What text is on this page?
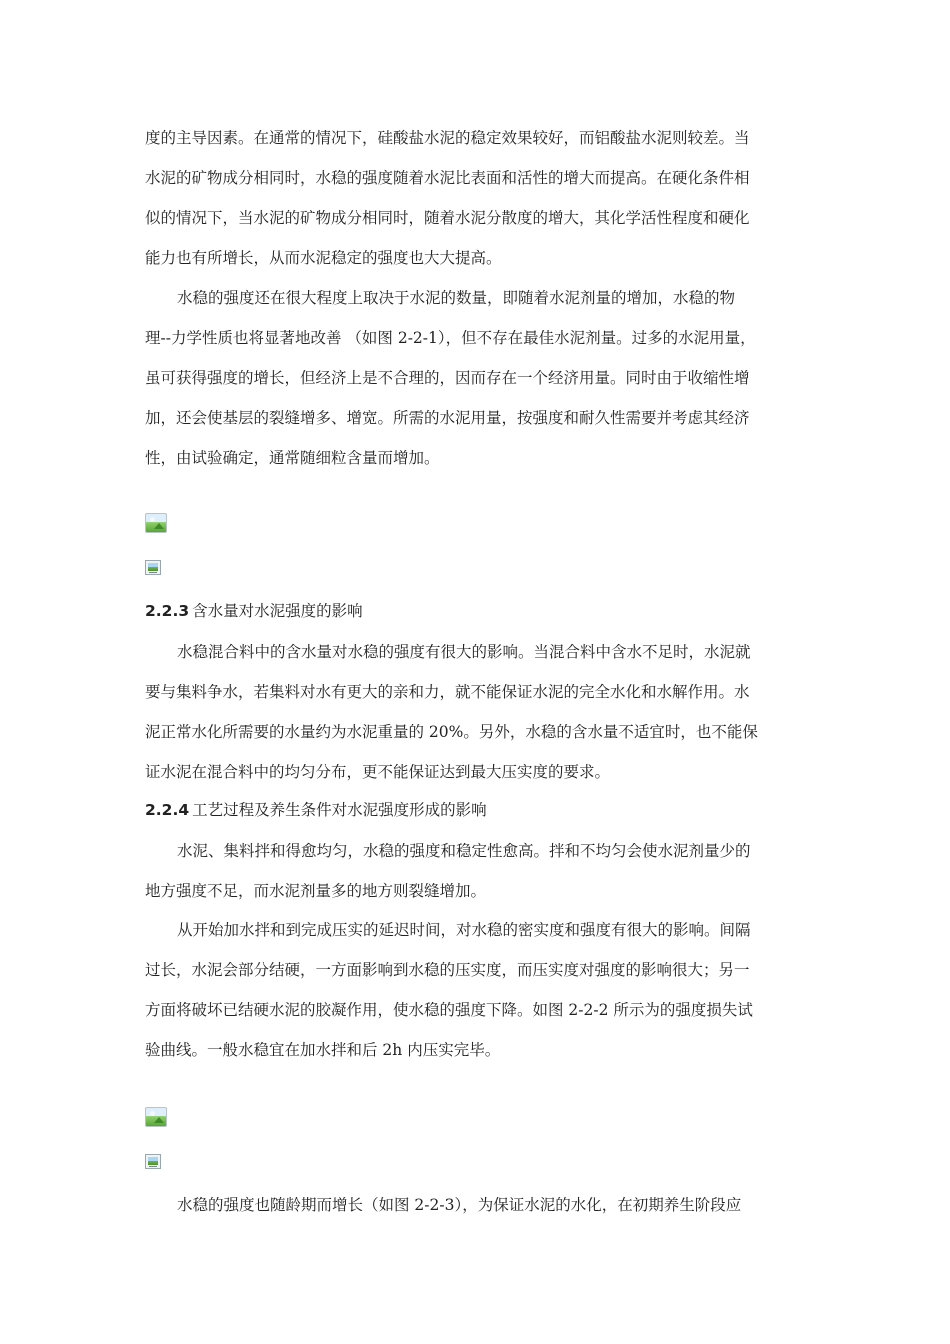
度的主导因素。在通常的情况下，硅酸盐水泥的稳定效果较好，而铝酸盐水泥则较差。当
水泥的矿物成分相同时，水稳的强度随着水泥比表面和活性的增大而提高。在硬化条件相
似的情况下，当水泥的矿物成分相同时，随着水泥分散度的增大，其化学活性程度和硬化
能力也有所增长，从而水泥稳定的强度也大大提高。
水稳的强度还在很大程度上取决于水泥的数量，即随着水泥剂量的增加，水稳的物
理--力学性质也将显著地改善 （如图 2-2-1），但不存在最佳水泥剂量。过多的水泥用量，
虽可获得强度的增长，但经济上是不合理的，因而存在一个经济用量。同时由于收缩性增
加，还会使基层的裂缝增多、增宽。所需的水泥用量，按强度和耐久性需要并考虑其经济
性，由试验确定，通常随细粒含量而增加。
2.2.3 含水量对水泥强度的影响
水稳混合料中的含水量对水稳的强度有很大的影响。当混合料中含水不足时，水泥就
要与集料争水，若集料对水有更大的亲和力，就不能保证水泥的完全水化和水解作用。水
泥正常水化所需要的水量约为水泥重量的 20%。另外，水稳的含水量不适宜时，也不能保
证水泥在混合料中的均匀分布，更不能保证达到最大压实度的要求。
2.2.4 工艺过程及养生条件对水泥强度形成的影响
水泥、集料拌和得愈均匀，水稳的强度和稳定性愈高。拌和不均匀会使水泥剂量少的
地方强度不足，而水泥剂量多的地方则裂缝增加。
从开始加水拌和到完成压实的延迟时间，对水稳的密实度和强度有很大的影响。间隔
过长，水泥会部分结硬，一方面影响到水稳的压实度，而压实度对强度的影响很大；另一
方面将破坏已结硬水泥的胶凝作用，使水稳的强度下降。如图 2-2-2 所示为的强度损失试
验曲线。一般水稳宜在加水拌和后 2h 内压实完毕。
水稳的强度也随龄期而增长（如图 2-2-3），为保证水泥的水化，在初期养生阶段应
